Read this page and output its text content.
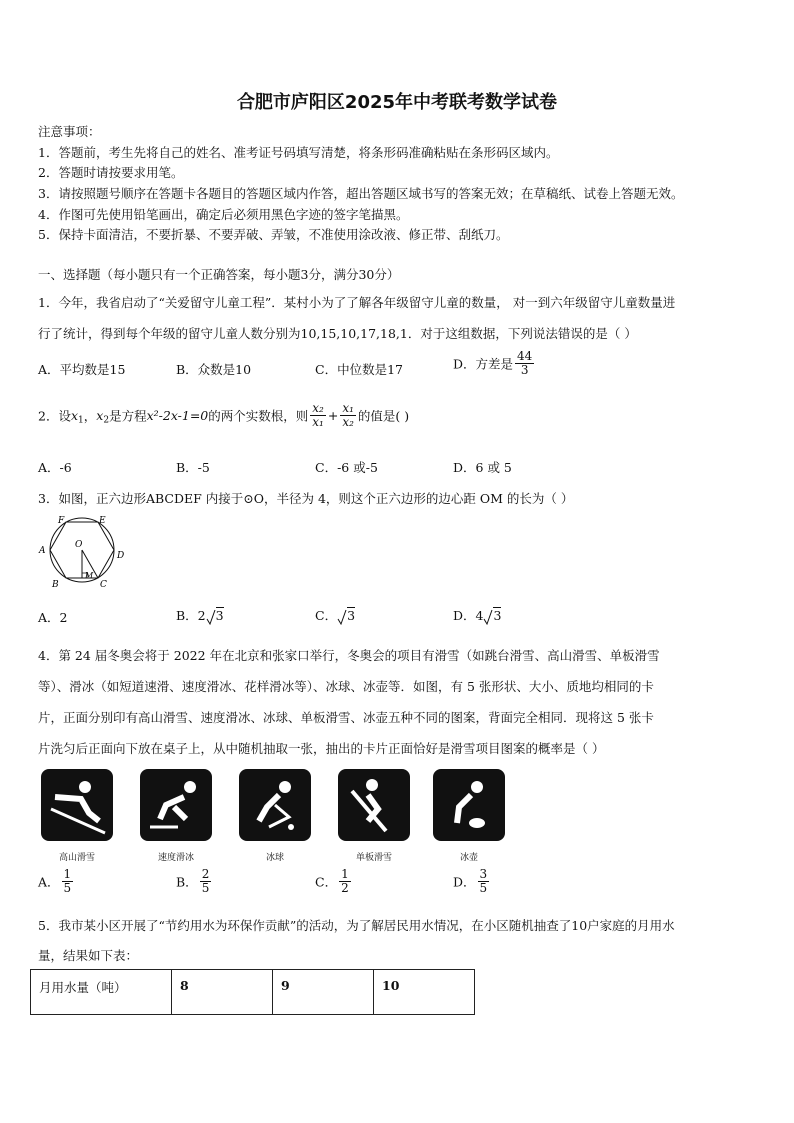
合肥市庐阳区2025年中考联考数学试卷
注意事项：
1．答题前，考生先将自己的姓名、准考证号码填写清楚，将条形码准确粘贴在条形码区域内。
2．答题时请按要求用笔。
3．请按照题号顺序在答题卡各题目的答题区域内作答，超出答题区域书写的答案无效；在草稿纸、试卷上答题无效。
4．作图可先使用铅笔画出，确定后必须用黑色字迹的签字笔描黑。
5．保持卡面清洁，不要折暴、不要弄破、弄皱，不准使用涂改液、修正带、刮纸刀。
一、选择题（每小题只有一个正确答案，每小题3分，满分30分）
1．今年，我省启动了“关爱留守儿童工程”．某村小为了了解各年级留守儿童的数量， 对一到六年级留守儿童数量进
行了统计，得到每个年级的留守儿童人数分别为10,15,10,17,18,1．对于这组数据，下列说法错误的是（ ）
A．平均数是15	B．众数是10	C．中位数是17	D．方差是 $\frac{44}{3}$
2．设$x_1$，$x_2$是方程x²-2x-1=0的两个实数根，则 $\frac{\text{x₂}}{\text{x₁}} + \frac{\text{x₁}}{\text{x₂}}$ 的值是( )
A．-6	B．-5	C．-6 或-5	D．6 或 5
3．如图，正六边形ABCDEF 内接于⊙O，半径为 4，则这个正六边形的边心距 OM 的长为（ ）
A
F	E
D
C
B
O
M
A．2	B．2 3	C． 3	D．4 3
4．第 24 届冬奥会将于 2022 年在北京和张家口举行，冬奥会的项目有滑雪（如跳台滑雪、高山滑雪、单板滑雪
等）、滑冰（如短道速滑、速度滑冰、花样滑冰等）、冰球、冰壶等．如图，有 5 张形状、大小、质地均相同的卡
片，正面分别印有高山滑雪、速度滑冰、冰球、单板滑雪、冰壶五种不同的图案，背面完全相同．现将这 5 张卡
片洗匀后正面向下放在桌子上，从中随机抽取一张，抽出的卡片正面恰好是滑雪项目图案的概率是（ ）
高山滑雪	速度滑冰	冰球	单板滑雪	冰壶
A． $\frac{1}{5}$	B． $\frac{2}{5}$	C． $\frac{1}{2}$	D． $\frac{3}{5}$
5．我市某小区开展了“节约用水为环保作贡献”的活动，为了解居民用水情况，在小区随机抽查了10户家庭的月用水
量，结果如下表：
月用水量（吨）	8	9	10
